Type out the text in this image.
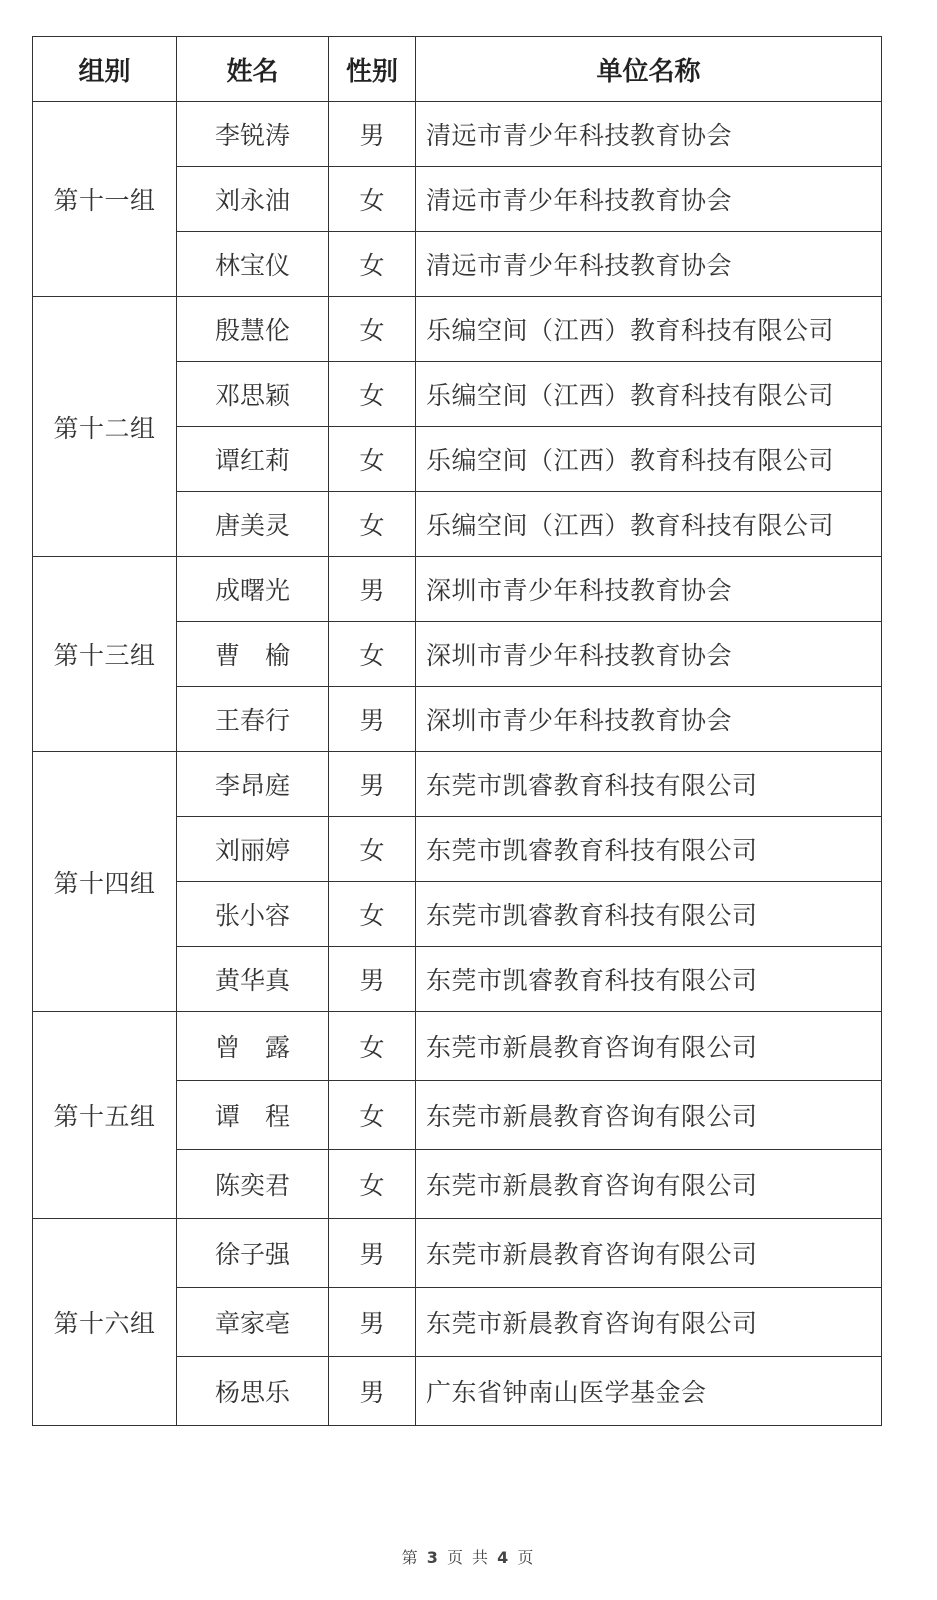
组别	姓名	性别	单位名称
第十一组	李锐涛	男	清远市青少年科技教育协会
	刘永油	女	清远市青少年科技教育协会
	林宝仪	女	清远市青少年科技教育协会
第十二组	殷慧伦	女	乐编空间（江西）教育科技有限公司
	邓思颖	女	乐编空间（江西）教育科技有限公司
	谭红莉	女	乐编空间（江西）教育科技有限公司
	唐美灵	女	乐编空间（江西）教育科技有限公司
第十三组	成曙光	男	深圳市青少年科技教育协会
	曹　榆	女	深圳市青少年科技教育协会
	王春行	男	深圳市青少年科技教育协会
第十四组	李昂庭	男	东莞市凯睿教育科技有限公司
	刘丽婷	女	东莞市凯睿教育科技有限公司
	张小容	女	东莞市凯睿教育科技有限公司
	黄华真	男	东莞市凯睿教育科技有限公司
第十五组	曾　露	女	东莞市新晨教育咨询有限公司
	谭　程	女	东莞市新晨教育咨询有限公司
	陈奕君	女	东莞市新晨教育咨询有限公司
第十六组	徐子强	男	东莞市新晨教育咨询有限公司
	章家亳	男	东莞市新晨教育咨询有限公司
	杨思乐	男	广东省钟南山医学基金会
第 3 页 共 4 页
